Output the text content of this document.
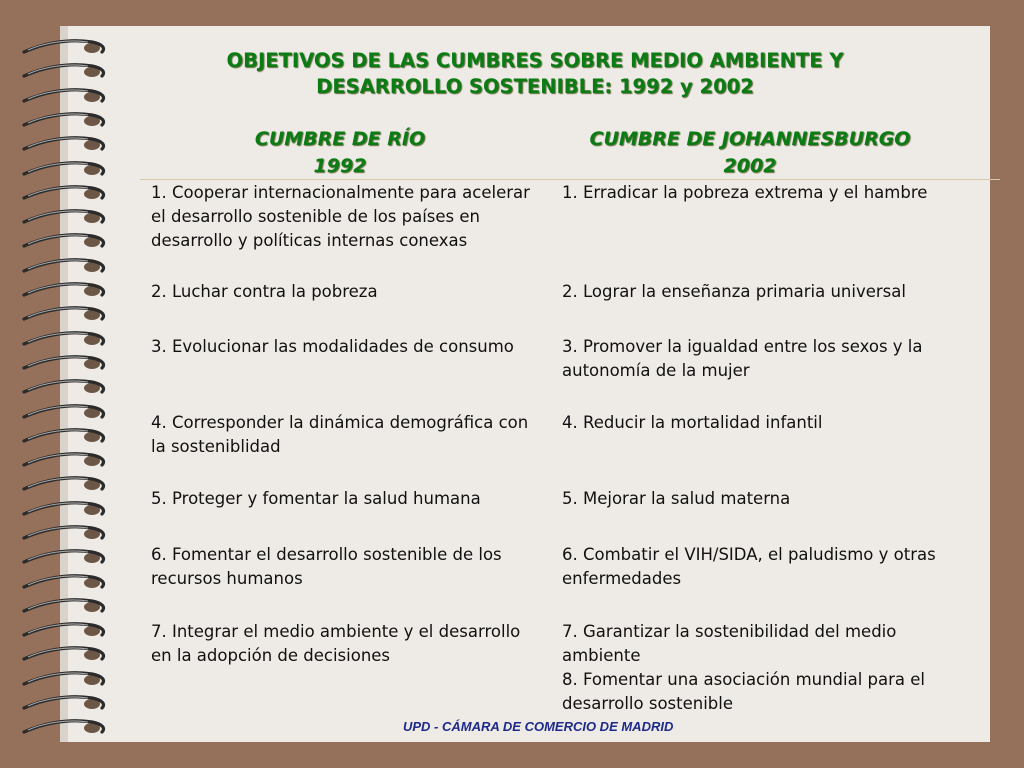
OBJETIVOS DE LAS CUMBRES SOBRE MEDIO AMBIENTE Y
DESARROLLO SOSTENIBLE: 1992 y 2002
CUMBRE DE RÍO
1992
CUMBRE DE JOHANNESBURGO
2002
1. Cooperar internacionalmente para acelerar el desarrollo sostenible de los países en desarrollo y políticas internas conexas
2. Luchar contra la pobreza
3. Evolucionar las modalidades de consumo
4. Corresponder la dinámica demográfica con la sosteniblidad
5. Proteger y fomentar la salud humana
6. Fomentar el desarrollo sostenible de los recursos humanos
7. Integrar el medio ambiente y el desarrollo en la adopción de decisiones
1. Erradicar la pobreza extrema y el hambre
2. Lograr la enseñanza primaria universal
3. Promover la igualdad entre los sexos y la autonomía de la mujer
4. Reducir la mortalidad infantil
5. Mejorar la salud materna
6. Combatir el VIH/SIDA, el paludismo y otras enfermedades
7. Garantizar la sostenibilidad del medio ambiente
8. Fomentar una asociación mundial para el desarrollo sostenible
UPD - CÁMARA DE COMERCIO DE MADRID
